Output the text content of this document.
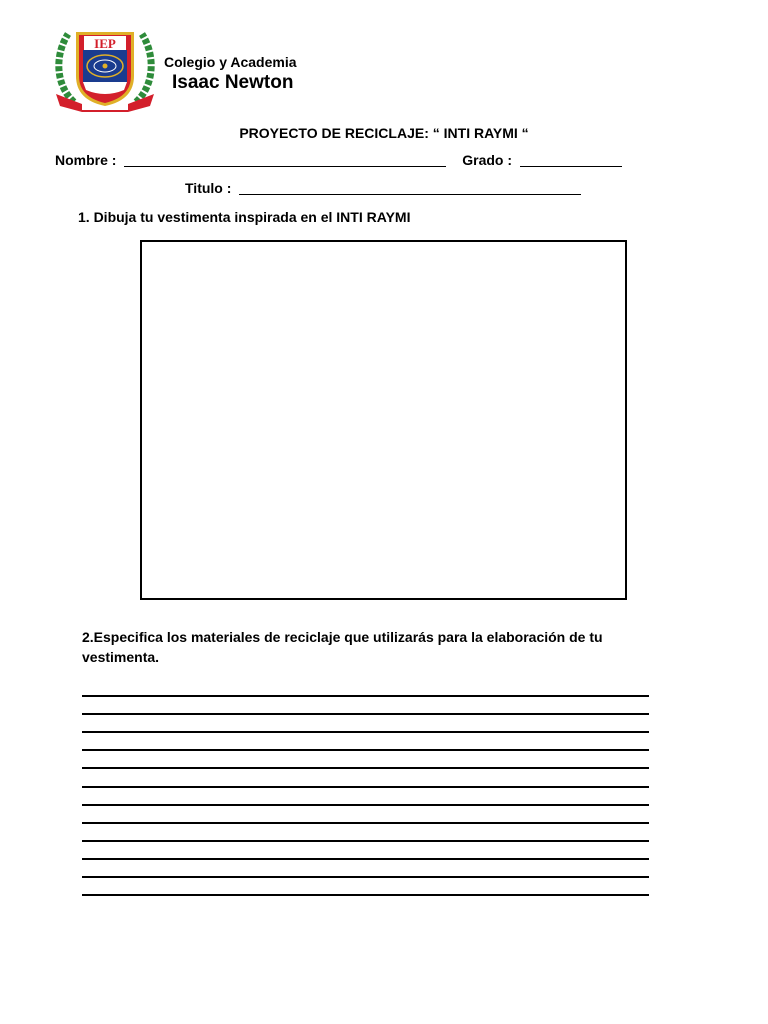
IEP
Colegio y Academia
Isaac Newton
PROYECTO DE RECICLAJE: “ INTI RAYMI “
Nombre :	Grado :
Titulo :
1. Dibuja tu vestimenta inspirada en el INTI RAYMI
2.Especifica los materiales de reciclaje que utilizarás para la elaboración de tu vestimenta.
